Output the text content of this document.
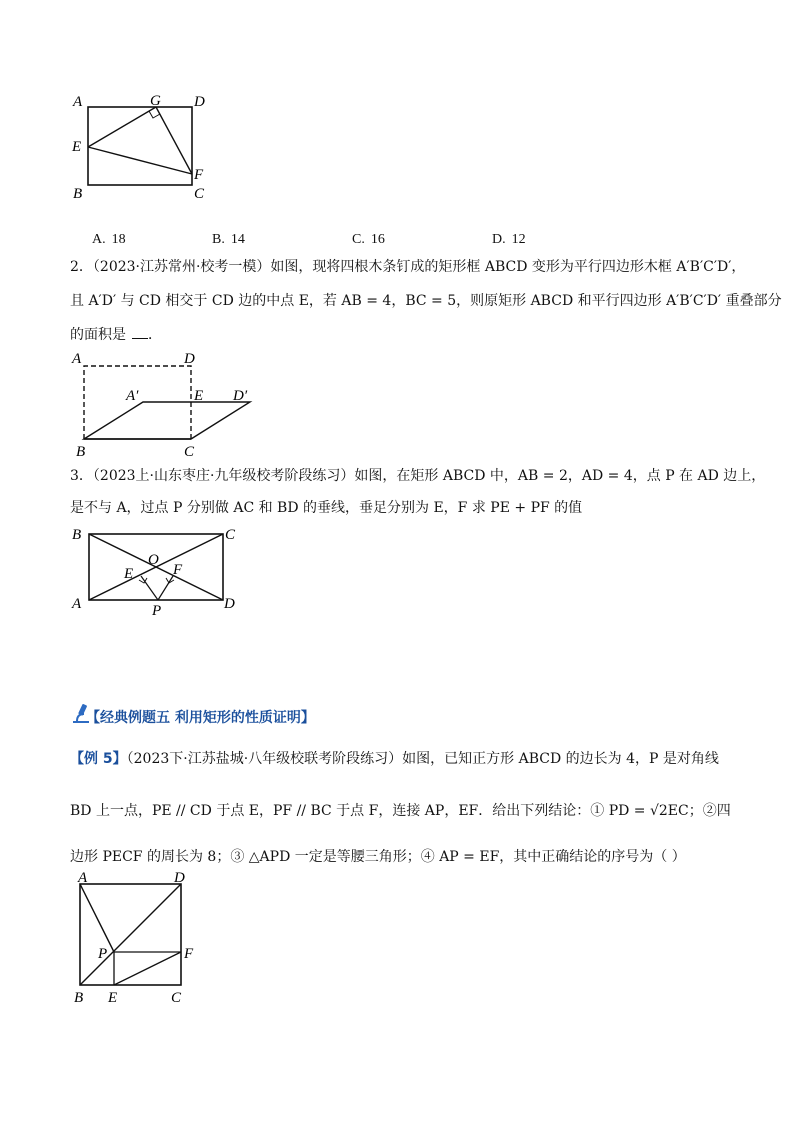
A	G D
E
F
B	C
A. 18	B. 14	C. 16	D. 12
2．（2023·江苏常州·校考一模）如图，现将四根木条钉成的矩形框 ABCD 变形为平行四边形木框 A′B′C′D′，
且 A′D′ 与 CD 相交于 CD 边的中点 E，若 AB = 4，BC = 5，则原矩形 ABCD 和平行四边形 A′B′C′D′ 重叠部分
的面积是 ．
A	D
A′	E D′
B	C
3．（2023上·山东枣庄·九年级校考阶段练习）如图，在矩形 ABCD 中，AB = 2，AD = 4，点 P 在 AD 边上，
是不与 A，过点 P 分别做 AC 和 BD 的垂线，垂足分别为 E，F 求 PE + PF 的值
B	C
O
E	F
A	P	D
【经典例题五 利用矩形的性质证明】
【例 5】（2023下·江苏盐城·八年级校联考阶段练习）如图，已知正方形 ABCD 的边长为 4，P 是对角线
BD 上一点，PE // CD 于点 E，PF // BC 于点 F，连接 AP，EF．给出下列结论：① PD = √2EC；②四
边形 PECF 的周长为 8；③ △APD 一定是等腰三角形；④ AP = EF，其中正确结论的序号为（ ）
A	D
P	F
B E	C
